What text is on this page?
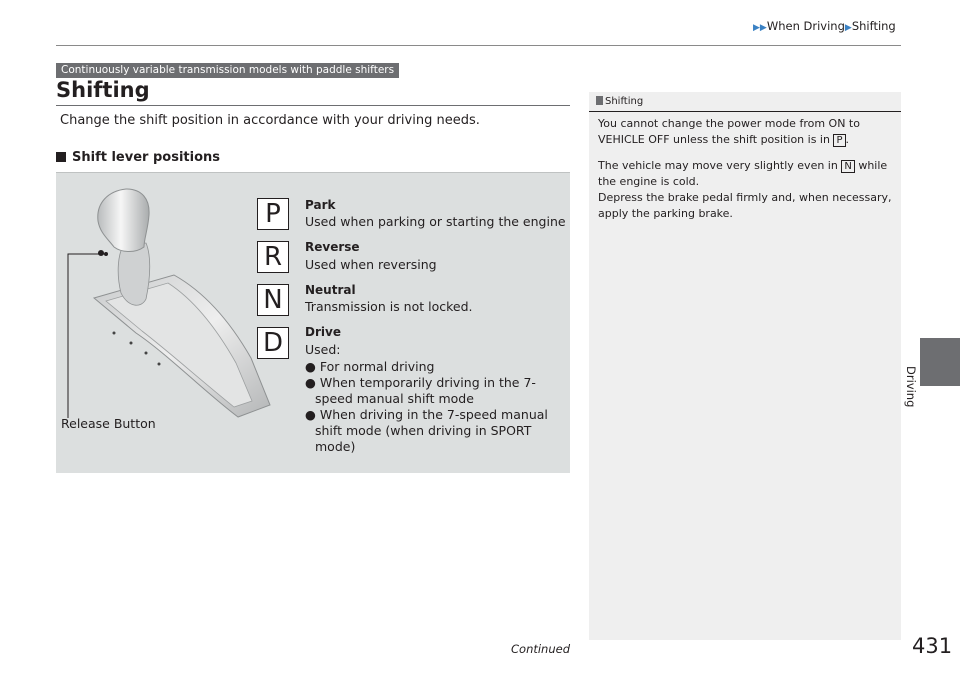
▶▶When Driving▶Shifting
Driving
Continuously variable transmission models with paddle shifters
Shifting
Change the shift position in accordance with your driving needs.
Shift lever positions
Release Button
P	Park
Used when parking or starting the engine
R	Reverse
Used when reversing
N	Neutral
Transmission is not locked.
D	Drive
Used:
● For normal driving
● When temporarily driving in the 7-speed manual shift mode
● When driving in the 7-speed manual shift mode (when driving in SPORT mode)
Shifting

You cannot change the power mode from ON to VEHICLE OFF unless the shift position is in P .

The vehicle may move very slightly even in N while the engine is cold.

Depress the brake pedal firmly and, when necessary, apply the parking brake.

Continued	431
